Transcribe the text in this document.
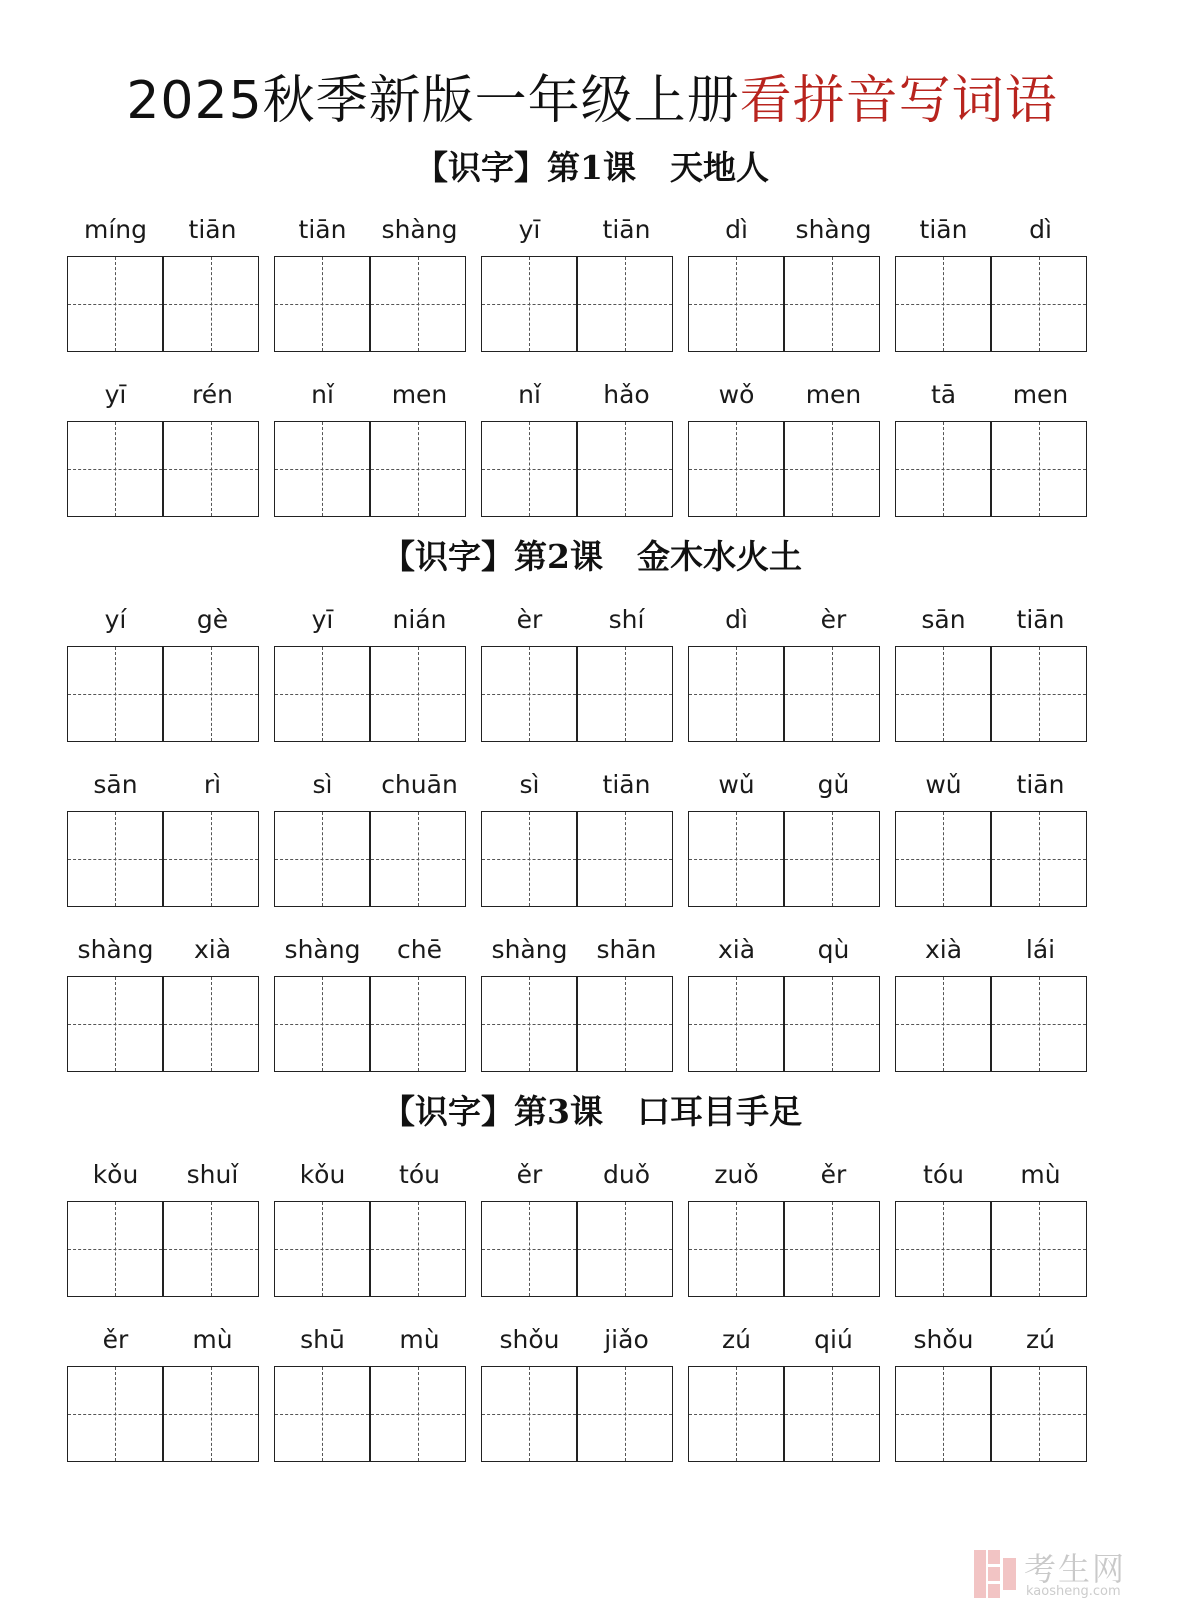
2025秋季新版一年级上册看拼音写词语
【识字】第1课 天地人
míng	tiān	tiān	shàng	yī	tiān	dì	shàng	tiān	dì
yī	rén	nǐ	men	nǐ	hǎo	wǒ	men	tā	men
【识字】第2课 金木水火土
yí	gè	yī	nián	èr	shí	dì	èr	sān	tiān
sān	rì	sì	chuān	sì	tiān	wǔ	gǔ	wǔ	tiān
shàng	xià	shàng	chē	shàng	shān	xià	qù	xià	lái
【识字】第3课 口耳目手足
kǒu	shuǐ	kǒu	tóu	ěr	duǒ	zuǒ	ěr	tóu	mù
ěr	mù	shū	mù	shǒu	jiǎo	zú	qiú	shǒu	zú
考生网
kaosheng.com
